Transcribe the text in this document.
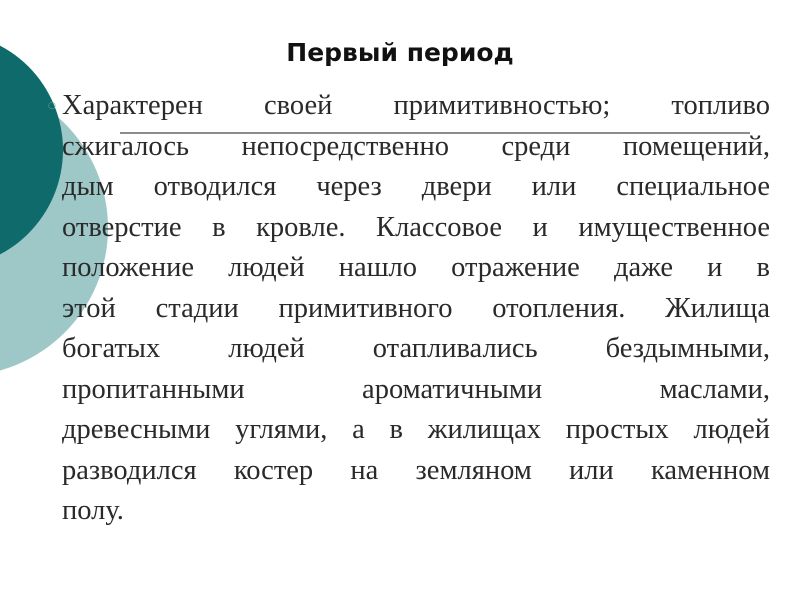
Первый период
○ Характерен своей примитивностью; топливо
сжигалось непосредственно среди помещений,
дым отводился через двери или специальное
отверстие в кровле. Классовое и имущественное
положение людей нашло отражение даже и в
этой стадии примитивного отопления. Жилища
богатых людей отапливались бездымными,
пропитанными ароматичными маслами,
древесными углями, а в жилищах простых людей
разводился костер на земляном или каменном
полу.
